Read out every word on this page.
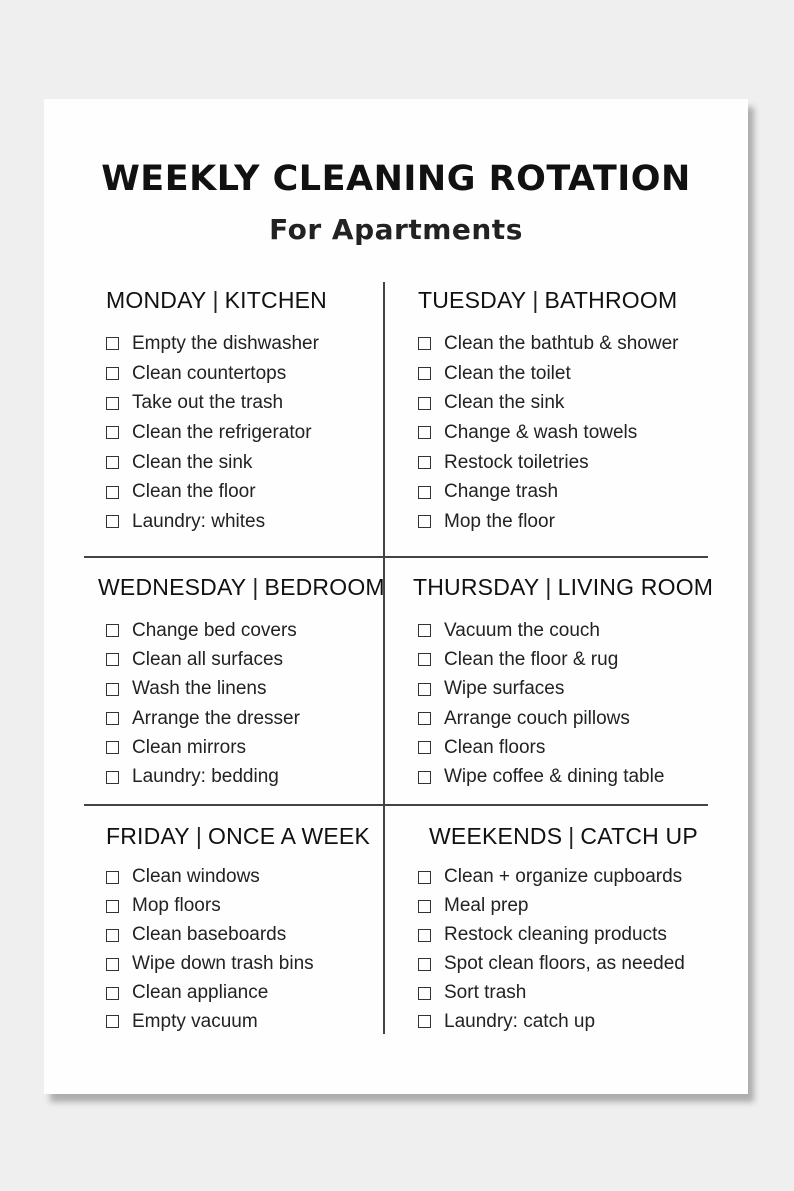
WEEKLY CLEANING ROTATION
For Apartments
MONDAY | KITCHEN
Empty the dishwasher
Clean countertops
Take out the trash
Clean the refrigerator
Clean the sink
Clean the floor
Laundry: whites
TUESDAY | BATHROOM
Clean the bathtub & shower
Clean the toilet
Clean the sink
Change & wash towels
Restock toiletries
Change trash
Mop the floor
WEDNESDAY | BEDROOM
Change bed covers
Clean all surfaces
Wash the linens
Arrange the dresser
Clean mirrors
Laundry: bedding
THURSDAY | LIVING ROOM
Vacuum the couch
Clean the floor & rug
Wipe surfaces
Arrange couch pillows
Clean floors
Wipe coffee & dining table
FRIDAY | ONCE A WEEK
Clean windows
Mop floors
Clean baseboards
Wipe down trash bins
Clean appliance
Empty vacuum
WEEKENDS | CATCH UP
Clean + organize cupboards
Meal prep
Restock cleaning products
Spot clean floors, as needed
Sort trash
Laundry: catch up
